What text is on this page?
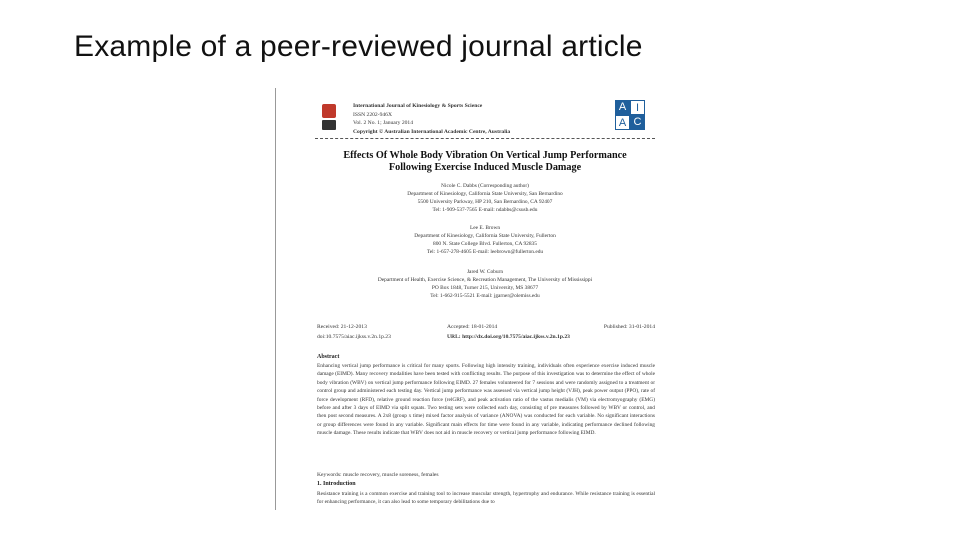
Example of a peer-reviewed journal article
International Journal of Kinesiology & Sports Science
ISSN 2202-946X
Vol. 2 No. 1; January 2014
Copyright © Australian International Academic Centre, Australia
A I
A C
Effects Of Whole Body Vibration On Vertical Jump Performance
Following Exercise Induced Muscle Damage
Nicole C. Dabbs (Corresponding author)
Department of Kinesiology, California State University, San Bernardino
5500 University Parkway, HP 210, San Bernardino, CA 92407
Tel: 1-909-537-7565 E-mail: ndabbs@csusb.edu
Lee E. Brown
Department of Kinesiology, California State University, Fullerton
800 N. State College Blvd. Fullerton, CA 92835
Tel: 1-657-278-4605 E-mail: leebrown@fullerton.edu
Jared W. Coburn
Department of Health, Exercise Science, & Recreation Management, The University of Mississippi
PO Box 1848, Turner 215, University, MS 38677
Tel: 1-662-915-5521 E-mail: jgarner@olemiss.edu
Received: 21-12-2013	Accepted: 18-01-2014	Published: 31-01-2014
doi:10.7575/aiac.ijkss.v.2n.1p.23	URL: http://dx.doi.org/10.7575/aiac.ijkss.v.2n.1p.23
Abstract
Enhancing vertical jump performance is critical for many sports. Following high intensity training, individuals often experience exercise induced muscle damage (EIMD). Many recovery modalities have been tested with conflicting results. The purpose of this investigation was to determine the effect of whole body vibration (WBV) on vertical jump performance following EIMD. 27 females volunteered for 7 sessions and were randomly assigned to a treatment or control group and administered each testing day. Vertical jump performance was assessed via vertical jump height (VJH), peak power output (PPO), rate of force development (RFD), relative ground reaction force (relGRF), and peak activation ratio of the vastus medialis (VM) via electromyography (EMG) before and after 3 days of EIMD via split squats. Two testing sets were collected each day, consisting of pre measures followed by WBV or control, and then post second measures. A 2x8 (group x time) mixed factor analysis of variance (ANOVA) was conducted for each variable. No significant interactions or group differences were found in any variable. Significant main effects for time were found in any variable, indicating performance declined following muscle damage. These results indicate that WBV does not aid in muscle recovery or vertical jump performance following EIMD.
Keywords: muscle recovery, muscle soreness, females
1. Introduction
Resistance training is a common exercise and training tool to increase muscular strength, hypertrophy and endurance. While resistance training is essential for enhancing performance, it can also lead to some temporary debilitations due to
